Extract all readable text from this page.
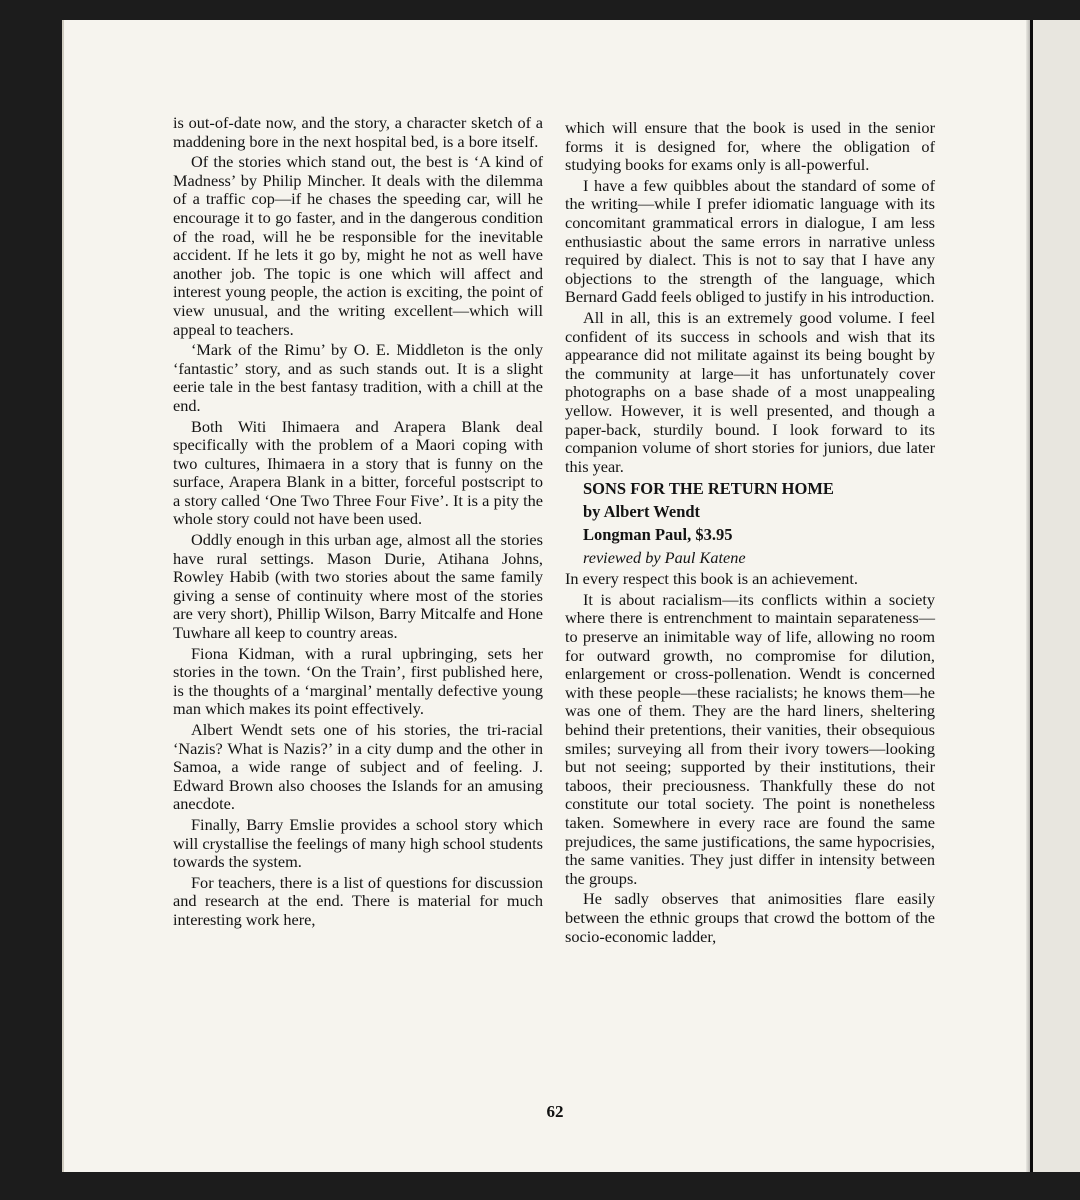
is out-of-date now, and the story, a character sketch of a maddening bore in the next hospital bed, is a bore itself.

Of the stories which stand out, the best is ‘A kind of Madness’ by Philip Mincher. It deals with the dilemma of a traffic cop—if he chases the speeding car, will he encourage it to go faster, and in the dangerous condition of the road, will he be responsible for the inevitable accident. If he lets it go by, might he not as well have another job. The topic is one which will affect and interest young people, the action is exciting, the point of view unusual, and the writing excellent—which will appeal to teachers.

‘Mark of the Rimu’ by O. E. Middleton is the only ‘fantastic’ story, and as such stands out. It is a slight eerie tale in the best fantasy tradition, with a chill at the end.

Both Witi Ihimaera and Arapera Blank deal specifically with the problem of a Maori coping with two cultures, Ihimaera in a story that is funny on the surface, Arapera Blank in a bitter, forceful postscript to a story called ‘One Two Three Four Five’. It is a pity the whole story could not have been used.

Oddly enough in this urban age, almost all the stories have rural settings. Mason Durie, Atihana Johns, Rowley Habib (with two stories about the same family giving a sense of continuity where most of the stories are very short), Phillip Wilson, Barry Mitcalfe and Hone Tuwhare all keep to country areas.

Fiona Kidman, with a rural upbringing, sets her stories in the town. ‘On the Train’, first published here, is the thoughts of a ‘marginal’ mentally defective young man which makes its point effectively.

Albert Wendt sets one of his stories, the tri-racial ‘Nazis? What is Nazis?’ in a city dump and the other in Samoa, a wide range of subject and of feeling. J. Edward Brown also chooses the Islands for an amusing anecdote.

Finally, Barry Emslie provides a school story which will crystallise the feelings of many high school students towards the system.

For teachers, there is a list of questions for discussion and research at the end. There is material for much interesting work here,

which will ensure that the book is used in the senior forms it is designed for, where the obligation of studying books for exams only is all-powerful.

I have a few quibbles about the standard of some of the writing—while I prefer idiomatic language with its concomitant grammatical errors in dialogue, I am less enthusiastic about the same errors in narrative unless required by dialect. This is not to say that I have any objections to the strength of the language, which Bernard Gadd feels obliged to justify in his introduction.

All in all, this is an extremely good volume. I feel confident of its success in schools and wish that its appearance did not militate against its being bought by the community at large—it has unfortunately cover photographs on a base shade of a most unappealing yellow. However, it is well presented, and though a paper-back, sturdily bound. I look forward to its companion volume of short stories for juniors, due later this year.

SONS FOR THE RETURN HOME

by Albert Wendt

Longman Paul, $3.95

reviewed by Paul Katene

In every respect this book is an achievement.

It is about racialism—its conflicts within a society where there is entrenchment to maintain separateness—to preserve an inimitable way of life, allowing no room for outward growth, no compromise for dilution, enlargement or cross-pollenation. Wendt is concerned with these people—these racialists; he knows them—he was one of them. They are the hard liners, sheltering behind their pretentions, their vanities, their obsequious smiles; surveying all from their ivory towers—looking but not seeing; supported by their institutions, their taboos, their preciousness. Thankfully these do not constitute our total society. The point is nonetheless taken. Somewhere in every race are found the same prejudices, the same justifications, the same hypocrisies, the same vanities. They just differ in intensity between the groups.

He sadly observes that animosities flare easily between the ethnic groups that crowd the bottom of the socio-economic ladder,

62
